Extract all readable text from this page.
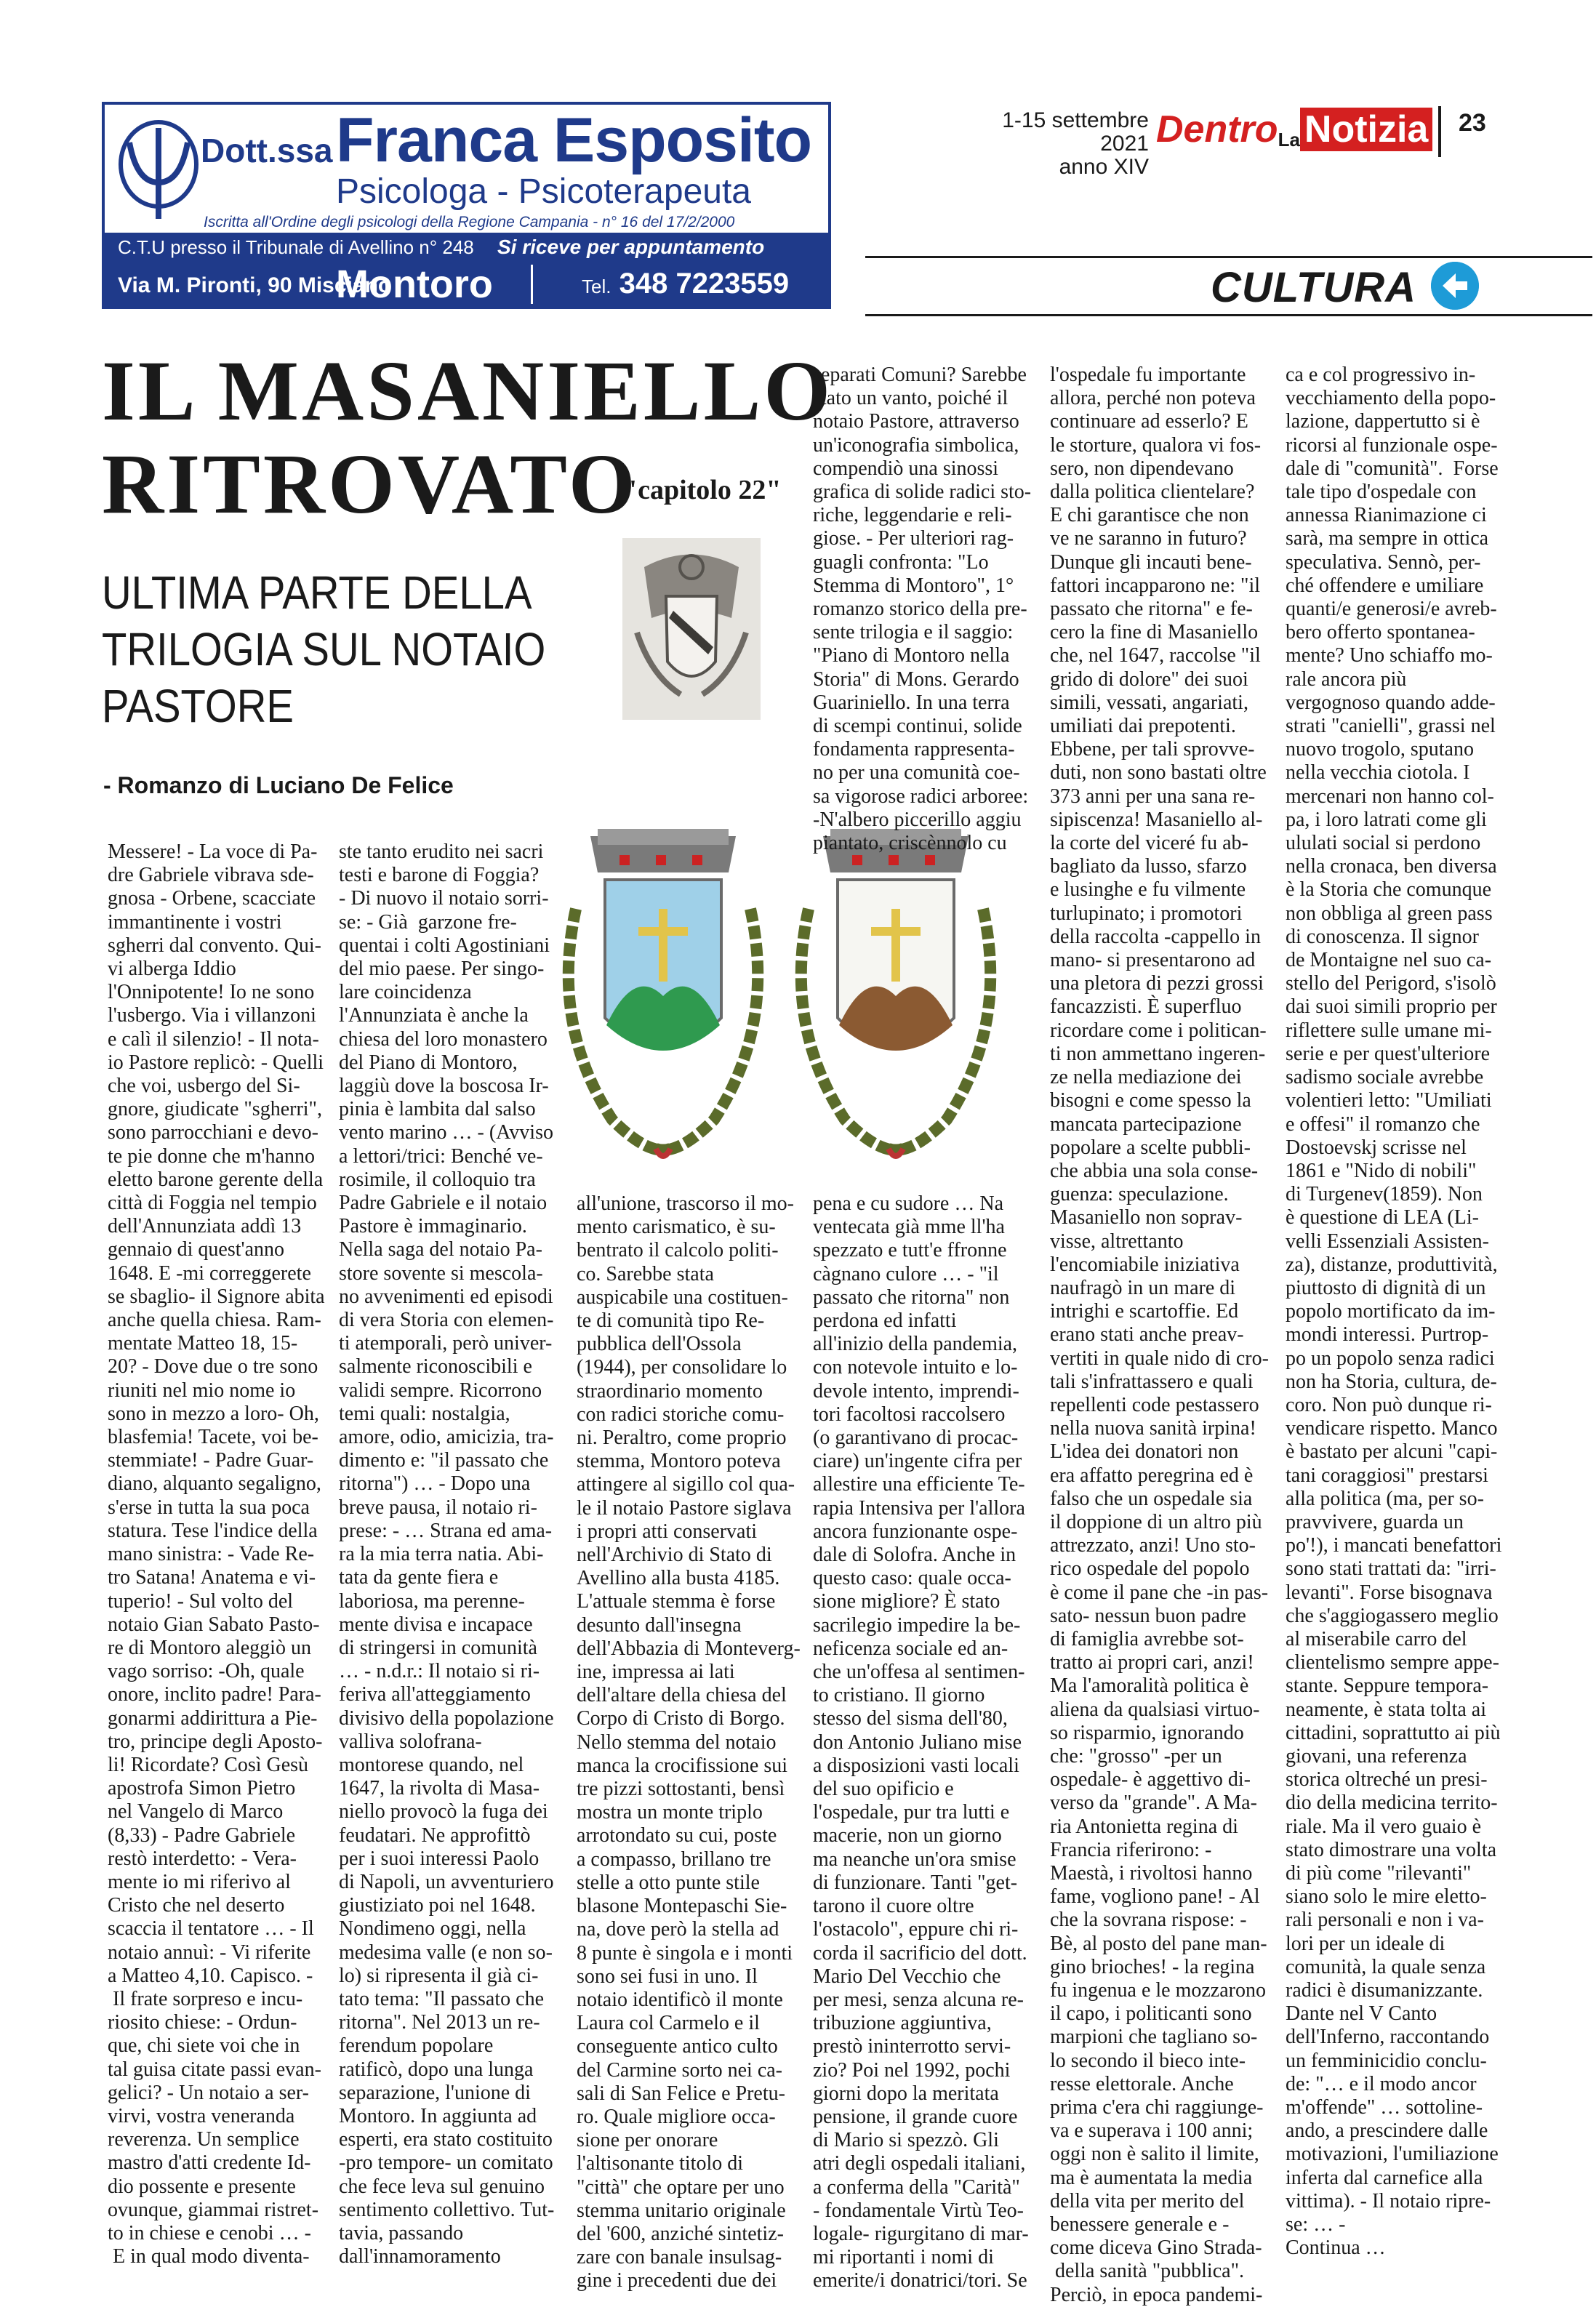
Dott.ssa Franca Esposito
Psicologa - Psicoterapeuta
Iscritta all'Ordine degli psicologi della Regione Campania - n° 16 del 17/2/2000
C.T.U presso il Tribunale di Avellino n° 248 Si riceve per appuntamento
Via M. Pironti, 90 Misciano
Montoro	Tel. 348 7223559
1-15 settembre 2021
anno XIV
DentroLa Notizia 23
CULTURA
IL MASANIELLO
RITROVATO
"capitolo 22"
ULTIMA PARTE DELLA TRILOGIA SUL NOTAIO PASTORE
- Romanzo di Luciano De Felice
Messere! - La voce di Pa-
dre Gabriele vibrava sde-
gnosa - Orbene, scacciate
immantinente i vostri
sgherri dal convento. Qui-
vi alberga Iddio
l'Onnipotente! Io ne sono
l'usbergo. Via i villanzoni
e calì il silenzio! - Il nota-
io Pastore replicò: - Quelli
che voi, usbergo del Si-
gnore, giudicate "sgherri",
sono parrocchiani e devo-
te pie donne che m'hanno
eletto barone gerente della
città di Foggia nel tempio
dell'Annunziata addì 13
gennaio di quest'anno
1648. E -mi correggerete
se sbaglio- il Signore abita
anche quella chiesa. Ram-
mentate Matteo 18, 15-
20? - Dove due o tre sono
riuniti nel mio nome io
sono in mezzo a loro- Oh,
blasfemia! Tacete, voi be-
stemmiate! - Padre Guar-
diano, alquanto segaligno,
s'erse in tutta la sua poca
statura. Tese l'indice della
mano sinistra: - Vade Re-
tro Satana! Anatema e vi-
tuperio! - Sul volto del
notaio Gian Sabato Pasto-
re di Montoro aleggiò un
vago sorriso: -Oh, quale
onore, inclito padre! Para-
gonarmi addirittura a Pie-
tro, principe degli Aposto-
li! Ricordate? Così Gesù
apostrofa Simon Pietro
nel Vangelo di Marco
(8,33) - Padre Gabriele
restò interdetto: - Vera-
mente io mi riferivo al
Cristo che nel deserto
scaccia il tentatore … - Il
notaio annuì: - Vi riferite
a Matteo 4,10. Capisco. -
Il frate sorpreso e incu-
riosito chiese: - Ordun-
que, chi siete voi che in
tal guisa citate passi evan-
gelici? - Un notaio a ser-
virvi, vostra veneranda
reverenza. Un semplice
mastro d'atti credente Id-
dio possente e presente
ovunque, giammai ristret-
to in chiese e cenobi … -
E in qual modo diventa-
ste tanto erudito nei sacri
testi e barone di Foggia?
- Di nuovo il notaio sorri-
se: - Già  garzone fre-
quentai i colti Agostiniani
del mio paese. Per singo-
lare coincidenza
l'Annunziata è anche la
chiesa del loro monastero
del Piano di Montoro,
laggiù dove la boscosa Ir-
pinia è lambita dal salso
vento marino … - (Avviso
a lettori/trici: Benché ve-
rosimile, il colloquio tra
Padre Gabriele e il notaio
Pastore è immaginario.
Nella saga del notaio Pa-
store sovente si mescola-
no avvenimenti ed episodi
di vera Storia con elemen-
ti atemporali, però univer-
salmente riconoscibili e
validi sempre. Ricorrono
temi quali: nostalgia,
amore, odio, amicizia, tra-
dimento e: "il passato che
ritorna") … - Dopo una
breve pausa, il notaio ri-
prese: - … Strana ed ama-
ra la mia terra natia. Abi-
tata da gente fiera e
laboriosa, ma perenne-
mente divisa e incapace
di stringersi in comunità
… - n.d.r.: Il notaio si ri-
feriva all'atteggiamento
divisivo della popolazione
valliva solofrana-
montorese quando, nel
1647, la rivolta di Masa-
niello provocò la fuga dei
feudatari. Ne approfittò
per i suoi interessi Paolo
di Napoli, un avventuriero
giustiziato poi nel 1648.
Nondimeno oggi, nella
medesima valle (e non so-
lo) si ripresenta il già ci-
tato tema: "Il passato che
ritorna". Nel 2013 un re-
ferendum popolare
ratificò, dopo una lunga
separazione, l'unione di
Montoro. In aggiunta ad
esperti, era stato costituito
-pro tempore- un comitato
che fece leva sul genuino
sentimento collettivo. Tut-
tavia, passando
dall'innamoramento
all'unione, trascorso il mo-
mento carismatico, è su-
bentrato il calcolo politi-
co. Sarebbe stata
auspicabile una costituen-
te di comunità tipo Re-
pubblica dell'Ossola
(1944), per consolidare lo
straordinario momento
con radici storiche comu-
ni. Peraltro, come proprio
stemma, Montoro poteva
attingere al sigillo col qua-
le il notaio Pastore siglava
i propri atti conservati
nell'Archivio di Stato di
Avellino alla busta 4185.
L'attuale stemma è forse
desunto dall'insegna
dell'Abbazia di Monteverg-
ine, impressa ai lati
dell'altare della chiesa del
Corpo di Cristo di Borgo.
Nello stemma del notaio
manca la crocifissione sui
tre pizzi sottostanti, bensì
mostra un monte triplo
arrotondato su cui, poste
a compasso, brillano tre
stelle a otto punte stile
blasone Montepaschi Sie-
na, dove però la stella ad
8 punte è singola e i monti
sono sei fusi in uno. Il
notaio identificò il monte
Laura col Carmelo e il
conseguente antico culto
del Carmine sorto nei ca-
sali di San Felice e Pretu-
ro. Quale migliore occa-
sione per onorare
l'altisonante titolo di
"città" che optare per uno
stemma unitario originale
del '600, anziché sintetiz-
zare con banale insulsag-
gine i precedenti due dei
separati Comuni? Sarebbe
stato un vanto, poiché il
notaio Pastore, attraverso
un'iconografia simbolica,
compendiò una sinossi
grafica di solide radici sto-
riche, leggendarie e reli-
giose. - Per ulteriori rag-
guagli confronta: "Lo
Stemma di Montoro", 1°
romanzo storico della pre-
sente trilogia e il saggio:
"Piano di Montoro nella
Storia" di Mons. Gerardo
Guariniello. In una terra
di scempi continui, solide
fondamenta rappresenta-
no per una comunità coe-
sa vigorose radici arboree:
-N'albero piccerillo aggiu
piantato, criscènnolo cu
pena e cu sudore … Na
ventecata già mme ll'ha
spezzato e tutt'e ffronne
càgnano culore … - "il
passato che ritorna" non
perdona ed infatti
all'inizio della pandemia,
con notevole intuito e lo-
devole intento, imprendi-
tori facoltosi raccolsero
(o garantivano di procac-
ciare) un'ingente cifra per
allestire una efficiente Te-
rapia Intensiva per l'allora
ancora funzionante ospe-
dale di Solofra. Anche in
questo caso: quale occa-
sione migliore? È stato
sacrilegio impedire la be-
neficenza sociale ed an-
che un'offesa al sentimen-
to cristiano. Il giorno
stesso del sisma dell'80,
don Antonio Juliano mise
a disposizioni vasti locali
del suo opificio e
l'ospedale, pur tra lutti e
macerie, non un giorno
ma neanche un'ora smise
di funzionare. Tanti "get-
tarono il cuore oltre
l'ostacolo", eppure chi ri-
corda il sacrificio del dott.
Mario Del Vecchio che
per mesi, senza alcuna re-
tribuzione aggiuntiva,
prestò ininterrotto servi-
zio? Poi nel 1992, pochi
giorni dopo la meritata
pensione, il grande cuore
di Mario si spezzò. Gli
atri degli ospedali italiani,
a conferma della "Carità"
- fondamentale Virtù Teo-
logale- rigurgitano di mar-
mi riportanti i nomi di
emerite/i donatrici/tori. Se
l'ospedale fu importante
allora, perché non poteva
continuare ad esserlo? E
le storture, qualora vi fos-
sero, non dipendevano
dalla politica clientelare?
E chi garantisce che non
ve ne saranno in futuro?
Dunque gli incauti bene-
fattori incapparono ne: "il
passato che ritorna" e fe-
cero la fine di Masaniello
che, nel 1647, raccolse "il
grido di dolore" dei suoi
simili, vessati, angariati,
umiliati dai prepotenti.
Ebbene, per tali sprovve-
duti, non sono bastati oltre
373 anni per una sana re-
sipiscenza! Masaniello al-
la corte del viceré fu ab-
bagliato da lusso, sfarzo
e lusinghe e fu vilmente
turlupinato; i promotori
della raccolta -cappello in
mano- si presentarono ad
una pletora di pezzi grossi
fancazzisti. È superfluo
ricordare come i politican-
ti non ammettano ingeren-
ze nella mediazione dei
bisogni e come spesso la
mancata partecipazione
popolare a scelte pubbli-
che abbia una sola conse-
guenza: speculazione.
Masaniello non soprav-
visse, altrettanto
l'encomiabile iniziativa
naufragò in un mare di
intrighi e scartoffie. Ed
erano stati anche preav-
vertiti in quale nido di cro-
tali s'infrattassero e quali
repellenti code pestassero
nella nuova sanità irpina!
L'idea dei donatori non
era affatto peregrina ed è
falso che un ospedale sia
il doppione di un altro più
attrezzato, anzi! Uno sto-
rico ospedale del popolo
è come il pane che -in pas-
sato- nessun buon padre
di famiglia avrebbe sot-
tratto ai propri cari, anzi!
Ma l'amoralità politica è
aliena da qualsiasi virtuo-
so risparmio, ignorando
che: "grosso" -per un
ospedale- è aggettivo di-
verso da "grande". A Ma-
ria Antonietta regina di
Francia riferirono: -
Maestà, i rivoltosi hanno
fame, vogliono pane! - Al
che la sovrana rispose: -
Bè, al posto del pane man-
gino brioches! - la regina
fu ingenua e le mozzarono
il capo, i politicanti sono
marpioni che tagliano so-
lo secondo il bieco inte-
resse elettorale. Anche
prima c'era chi raggiunge-
va e superava i 100 anni;
oggi non è salito il limite,
ma è aumentata la media
della vita per merito del
benessere generale e -
come diceva Gino Strada-
della sanità "pubblica".
Perciò, in epoca pandemi-
ca e col progressivo in-
vecchiamento della popo-
lazione, dappertutto si è
ricorsi al funzionale ospe-
dale di "comunità".  Forse
tale tipo d'ospedale con
annessa Rianimazione ci
sarà, ma sempre in ottica
speculativa. Sennò, per-
ché offendere e umiliare
quanti/e generosi/e avreb-
bero offerto spontanea-
mente? Uno schiaffo mo-
rale ancora più
vergognoso quando adde-
strati "canielli", grassi nel
nuovo trogolo, sputano
nella vecchia ciotola. I
mercenari non hanno col-
pa, i loro latrati come gli
ululati social si perdono
nella cronaca, ben diversa
è la Storia che comunque
non obbliga al green pass
di conoscenza. Il signor
de Montaigne nel suo ca-
stello del Perigord, s'isolò
dai suoi simili proprio per
riflettere sulle umane mi-
serie e per quest'ulteriore
sadismo sociale avrebbe
volentieri letto: "Umiliati
e offesi" il romanzo che
Dostoevskj scrisse nel
1861 e "Nido di nobili"
di Turgenev(1859). Non
è questione di LEA (Li-
velli Essenziali Assisten-
za), distanze, produttività,
piuttosto di dignità di un
popolo mortificato da im-
mondi interessi. Purtrop-
po un popolo senza radici
non ha Storia, cultura, de-
coro. Non può dunque ri-
vendicare rispetto. Manco
è bastato per alcuni "capi-
tani coraggiosi" prestarsi
alla politica (ma, per so-
pravvivere, guarda un
po'!), i mancati benefattori
sono stati trattati da: "irri-
levanti". Forse bisognava
che s'aggiogassero meglio
al miserabile carro del
clientelismo sempre appe-
stante. Seppure tempora-
neamente, è stata tolta ai
cittadini, soprattutto ai più
giovani, una referenza
storica oltreché un presi-
dio della medicina territo-
riale. Ma il vero guaio è
stato dimostrare una volta
di più come "rilevanti"
siano solo le mire eletto-
rali personali e non i va-
lori per un ideale di
comunità, la quale senza
radici è disumanizzante.
Dante nel V Canto
dell'Inferno, raccontando
un femminicidio conclu-
de: "… e il modo ancor
m'offende" … sottoline-
ando, a prescindere dalle
motivazioni, l'umiliazione
inferta dal carnefice alla
vittima). - Il notaio ripre-
se: … -
Continua …
